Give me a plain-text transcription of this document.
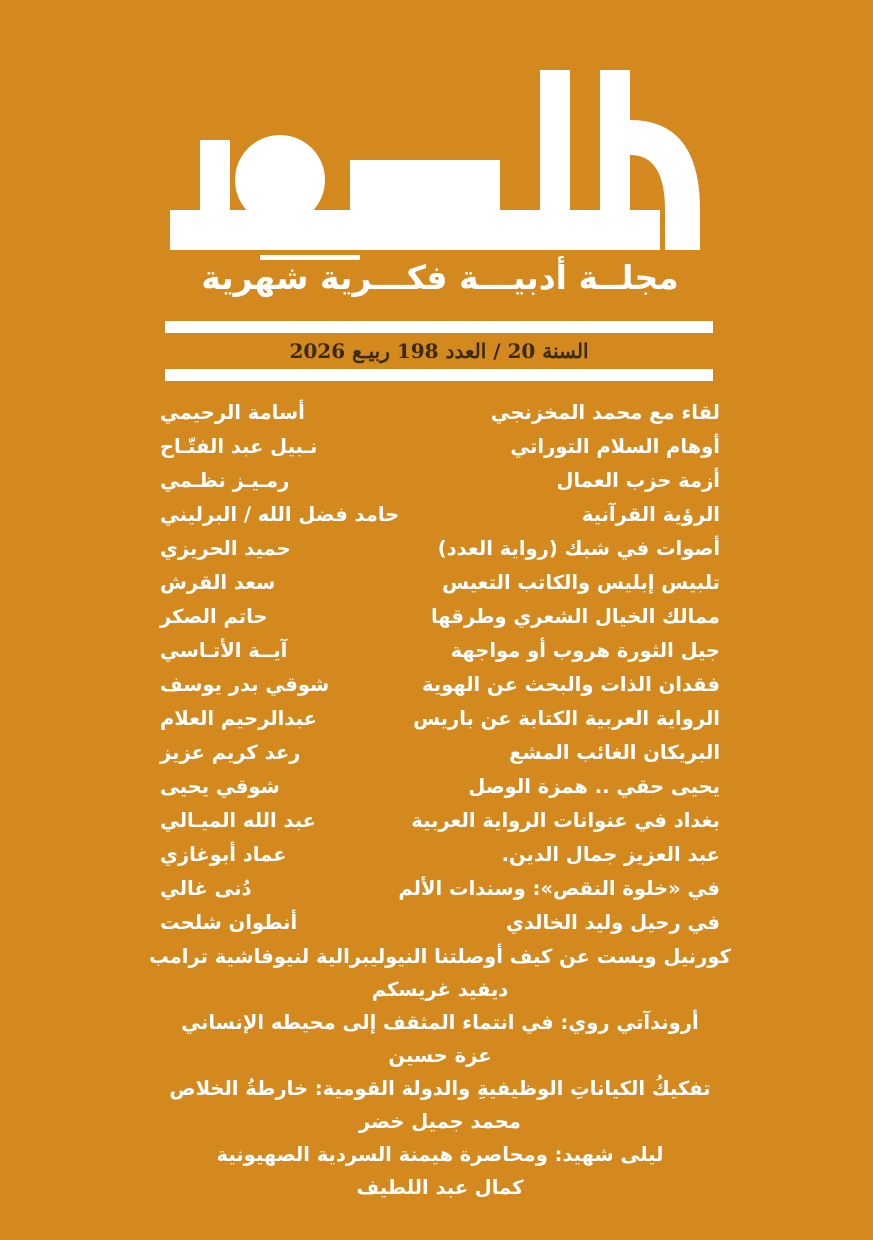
مجلــة أدبيـــة فكـــرية شهرية
السنة 20 / العدد 198 ربيـع 2026
لقاء مع محمد المخزنجي
أسامة الرحيمي
أوهام السلام التوراتي
نـبيل عبد الفتّـاح
أزمة حزب العمال
رمـيـز نظـمي
الرؤية القرآنية
حامد فضل الله / البرليني
أصوات في شبك (رواية العدد)
حميد الحريزي
تلبيس إبليس والكاتب التعيس
سعد القرش
ممالك الخيال الشعري وطرقها
حاتم الصكر
جيل الثورة هروب أو مواجهة
آيــة الأتـاسي
فقدان الذات والبحث عن الهوية
شوقي بدر يوسف
الرواية العربية الكتابة عن باريس
عبدالرحيم العلام
البريكان الغائب المشع
رعد كريم عزيز
يحيى حقي .. همزة الوصل
شوقي يحيى
بغداد في عنوانات الرواية العربية
عبد الله الميـالي
عبد العزيز جمال الدين.
عماد أبوغازي
في «خلوة النقص»: وسندات الألم
دُنى غالي
في رحيل وليد الخالدي
أنطوان شلحت
كورنيل ويست عن كيف أوصلتنا النيوليبرالية لنيوفاشية ترامب
ديفيد غريسكم
أروندآتي روي: في انتماء المثقف إلى محيطه الإنساني
عزة حسين
تفكيكُ الكياناتِ الوظيفيةِ والدولة القومية: خارطةُ الخلاص
محمد جميل خضر
ليلى شهيد: ومحاصرة هيمنة السردية الصهيونية
كمال عبد اللطيف
